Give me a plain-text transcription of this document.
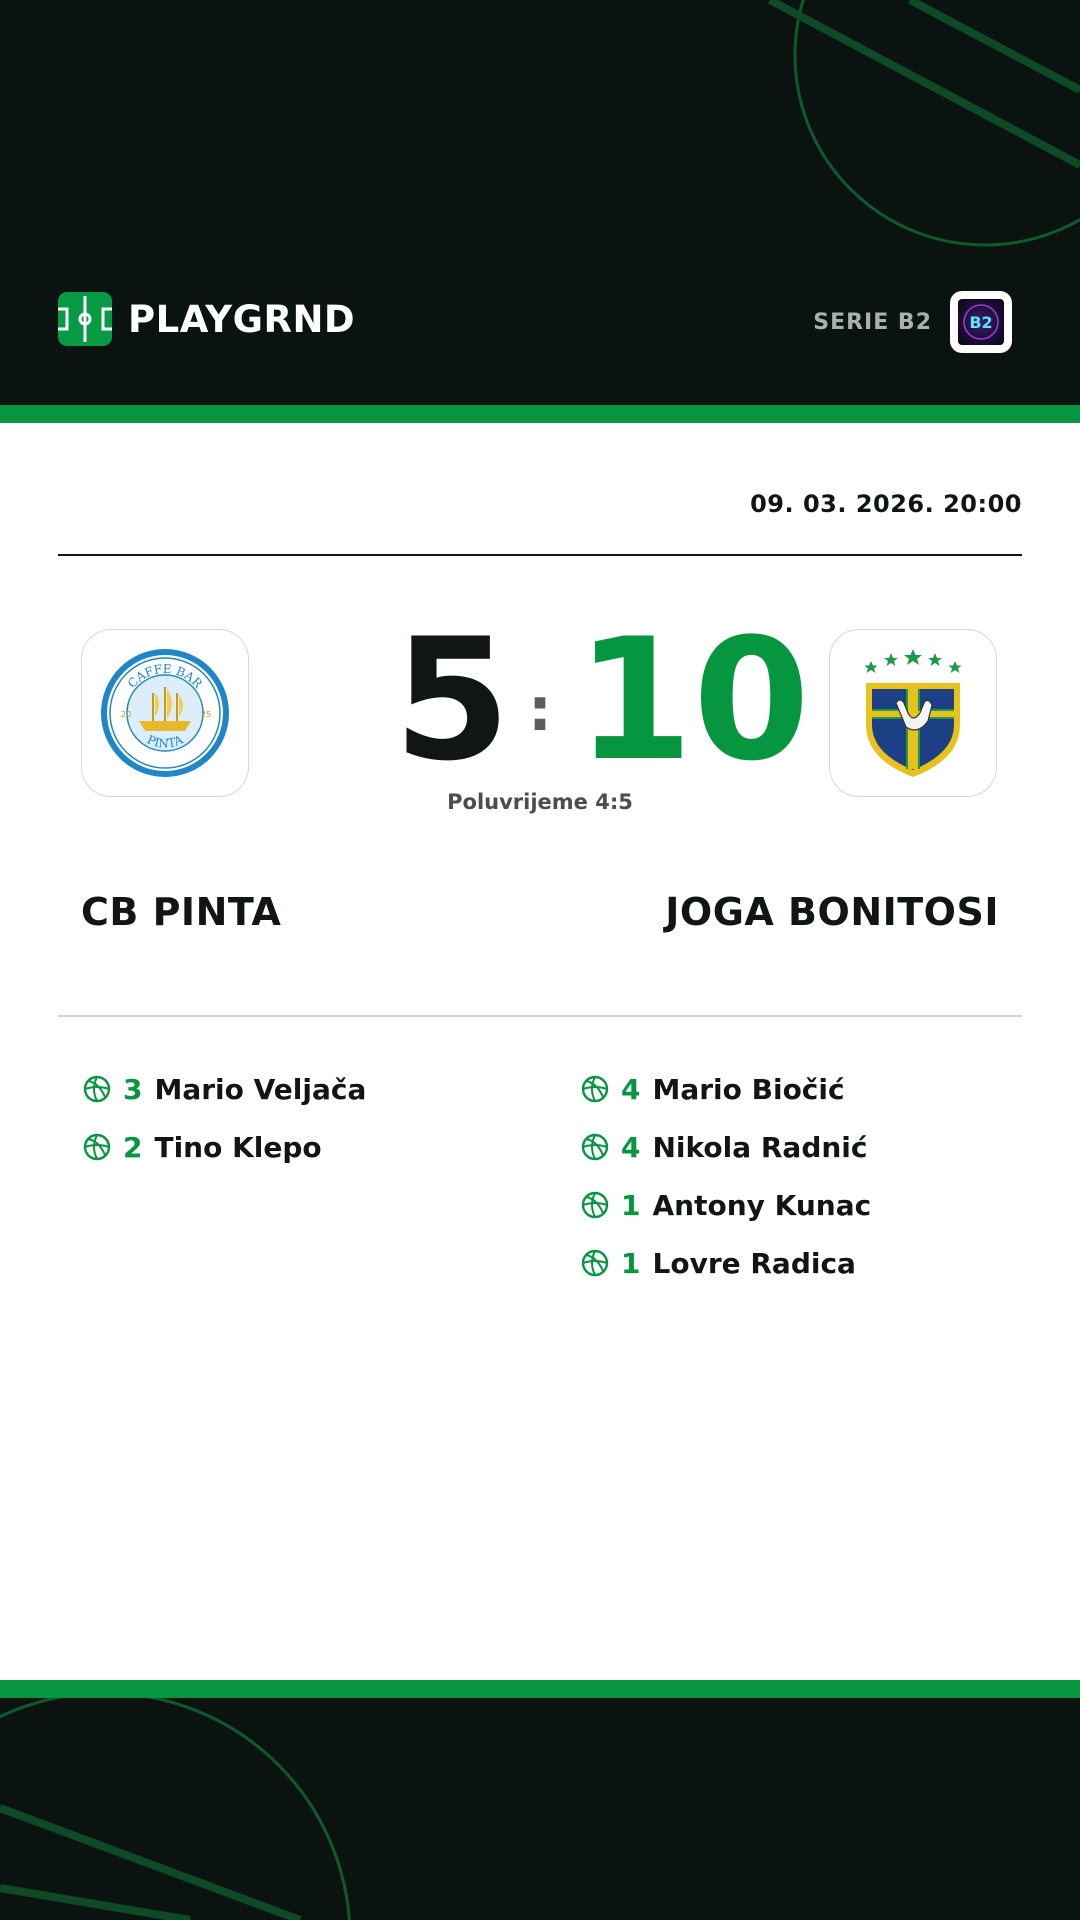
PLAYGRND	SERIE B2 B2
09. 03. 2026. 20:00
CAFFE BAR
PINTA
20	25 5 : 10
Poluvrijeme 4:5
CB PINTA	JOGA BONITOSI
3 Mario Veljača
2 Tino Klepo
4 Mario Biočić
4 Nikola Radnić
1 Antony Kunac
1 Lovre Radica
